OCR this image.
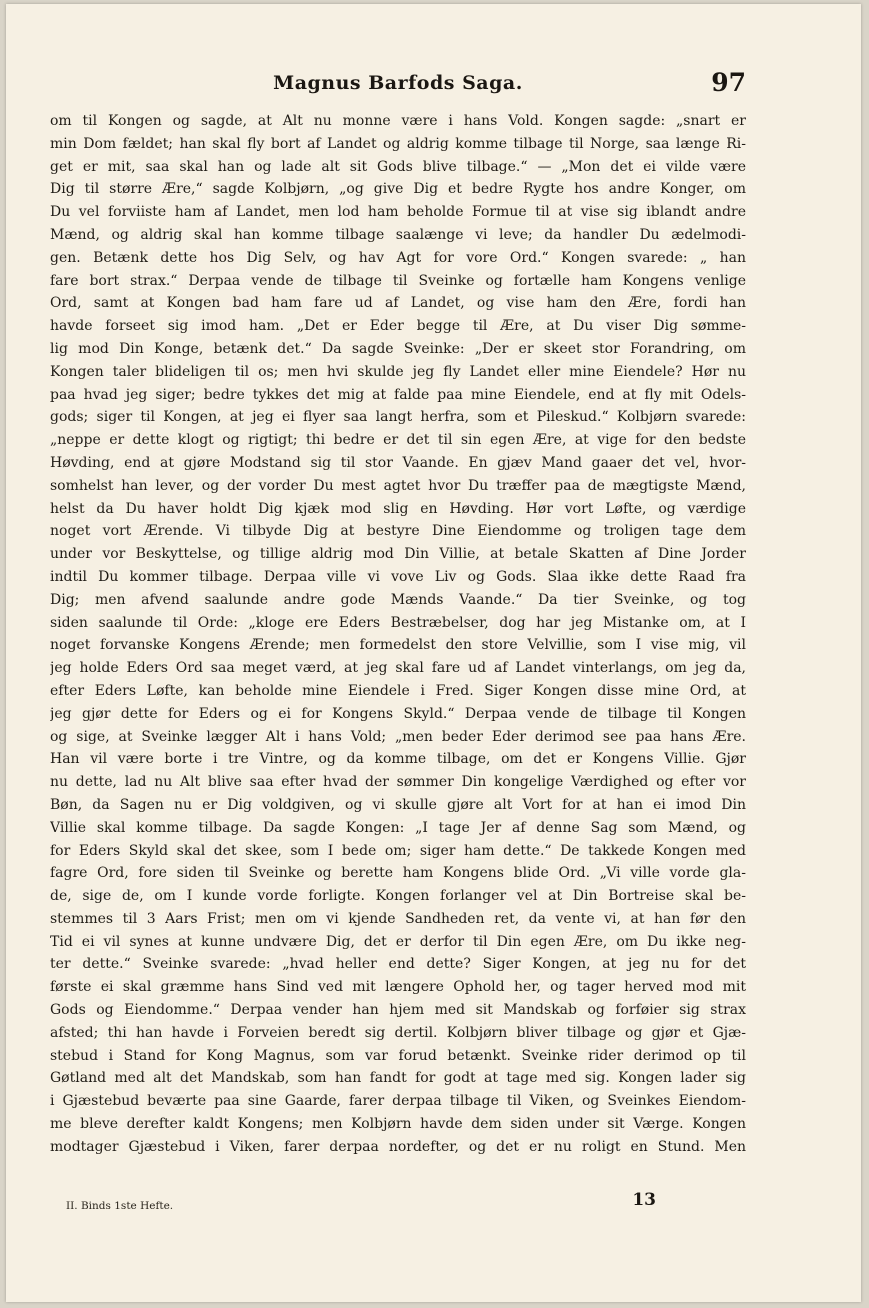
Magnus Barfods Saga.	97
om til Kongen og sagde, at Alt nu monne være i hans Vold. Kongen sagde: „snart er
min Dom fældet; han skal fly bort af Landet og aldrig komme tilbage til Norge, saa længe Ri-
get er mit, saa skal han og lade alt sit Gods blive tilbage.“ — „Mon det ei vilde være
Dig til større Ære,“ sagde Kolbjørn, „og give Dig et bedre Rygte hos andre Konger, om
Du vel forviiste ham af Landet, men lod ham beholde Formue til at vise sig iblandt andre
Mænd, og aldrig skal han komme tilbage saalænge vi leve; da handler Du ædelmodi-
gen. Betænk dette hos Dig Selv, og hav Agt for vore Ord.“ Kongen svarede: „ han
fare bort strax.“ Derpaa vende de tilbage til Sveinke og fortælle ham Kongens venlige
Ord, samt at Kongen bad ham fare ud af Landet, og vise ham den Ære, fordi han
havde forseet sig imod ham. „Det er Eder begge til Ære, at Du viser Dig sømme-
lig mod Din Konge, betænk det.“ Da sagde Sveinke: „Der er skeet stor Forandring, om
Kongen taler blideligen til os; men hvi skulde jeg fly Landet eller mine Eiendele? Hør nu
paa hvad jeg siger; bedre tykkes det mig at falde paa mine Eiendele, end at fly mit Odels-
gods; siger til Kongen, at jeg ei flyer saa langt herfra, som et Pileskud.“ Kolbjørn svarede:
„neppe er dette klogt og rigtigt; thi bedre er det til sin egen Ære, at vige for den bedste
Høvding, end at gjøre Modstand sig til stor Vaande. En gjæv Mand gaaer det vel, hvor-
somhelst han lever, og der vorder Du mest agtet hvor Du træffer paa de mægtigste Mænd,
helst da Du haver holdt Dig kjæk mod slig en Høvding. Hør vort Løfte, og værdige
noget vort Ærende. Vi tilbyde Dig at bestyre Dine Eiendomme og troligen tage dem
under vor Beskyttelse, og tillige aldrig mod Din Villie, at betale Skatten af Dine Jorder
indtil Du kommer tilbage. Derpaa ville vi vove Liv og Gods. Slaa ikke dette Raad fra
Dig; men afvend saalunde andre gode Mænds Vaande.“ Da tier Sveinke, og tog
siden saalunde til Orde: „kloge ere Eders Bestræbelser, dog har jeg Mistanke om, at I
noget forvanske Kongens Ærende; men formedelst den store Velvillie, som I vise mig, vil
jeg holde Eders Ord saa meget værd, at jeg skal fare ud af Landet vinterlangs, om jeg da,
efter Eders Løfte, kan beholde mine Eiendele i Fred. Siger Kongen disse mine Ord, at
jeg gjør dette for Eders og ei for Kongens Skyld.“ Derpaa vende de tilbage til Kongen
og sige, at Sveinke lægger Alt i hans Vold; „men beder Eder derimod see paa hans Ære.
Han vil være borte i tre Vintre, og da komme tilbage, om det er Kongens Villie. Gjør
nu dette, lad nu Alt blive saa efter hvad der sømmer Din kongelige Værdighed og efter vor
Bøn, da Sagen nu er Dig voldgiven, og vi skulle gjøre alt Vort for at han ei imod Din
Villie skal komme tilbage. Da sagde Kongen: „I tage Jer af denne Sag som Mænd, og
for Eders Skyld skal det skee, som I bede om; siger ham dette.“ De takkede Kongen med
fagre Ord, fore siden til Sveinke og berette ham Kongens blide Ord. „Vi ville vorde gla-
de, sige de, om I kunde vorde forligte. Kongen forlanger vel at Din Bortreise skal be-
stemmes til 3 Aars Frist; men om vi kjende Sandheden ret, da vente vi, at han før den
Tid ei vil synes at kunne undvære Dig, det er derfor til Din egen Ære, om Du ikke neg-
ter dette.“ Sveinke svarede: „hvad heller end dette? Siger Kongen, at jeg nu for det
første ei skal græmme hans Sind ved mit længere Ophold her, og tager herved mod mit
Gods og Eiendomme.“ Derpaa vender han hjem med sit Mandskab og forføier sig strax
afsted; thi han havde i Forveien beredt sig dertil. Kolbjørn bliver tilbage og gjør et Gjæ-
stebud i Stand for Kong Magnus, som var forud betænkt. Sveinke rider derimod op til
Gøtland med alt det Mandskab, som han fandt for godt at tage med sig. Kongen lader sig
i Gjæstebud beværte paa sine Gaarde, farer derpaa tilbage til Viken, og Sveinkes Eiendom-
me bleve derefter kaldt Kongens; men Kolbjørn havde dem siden under sit Værge. Kongen
modtager Gjæstebud i Viken, farer derpaa nordefter, og det er nu roligt en Stund. Men
II. Binds 1ste Hefte.	13
